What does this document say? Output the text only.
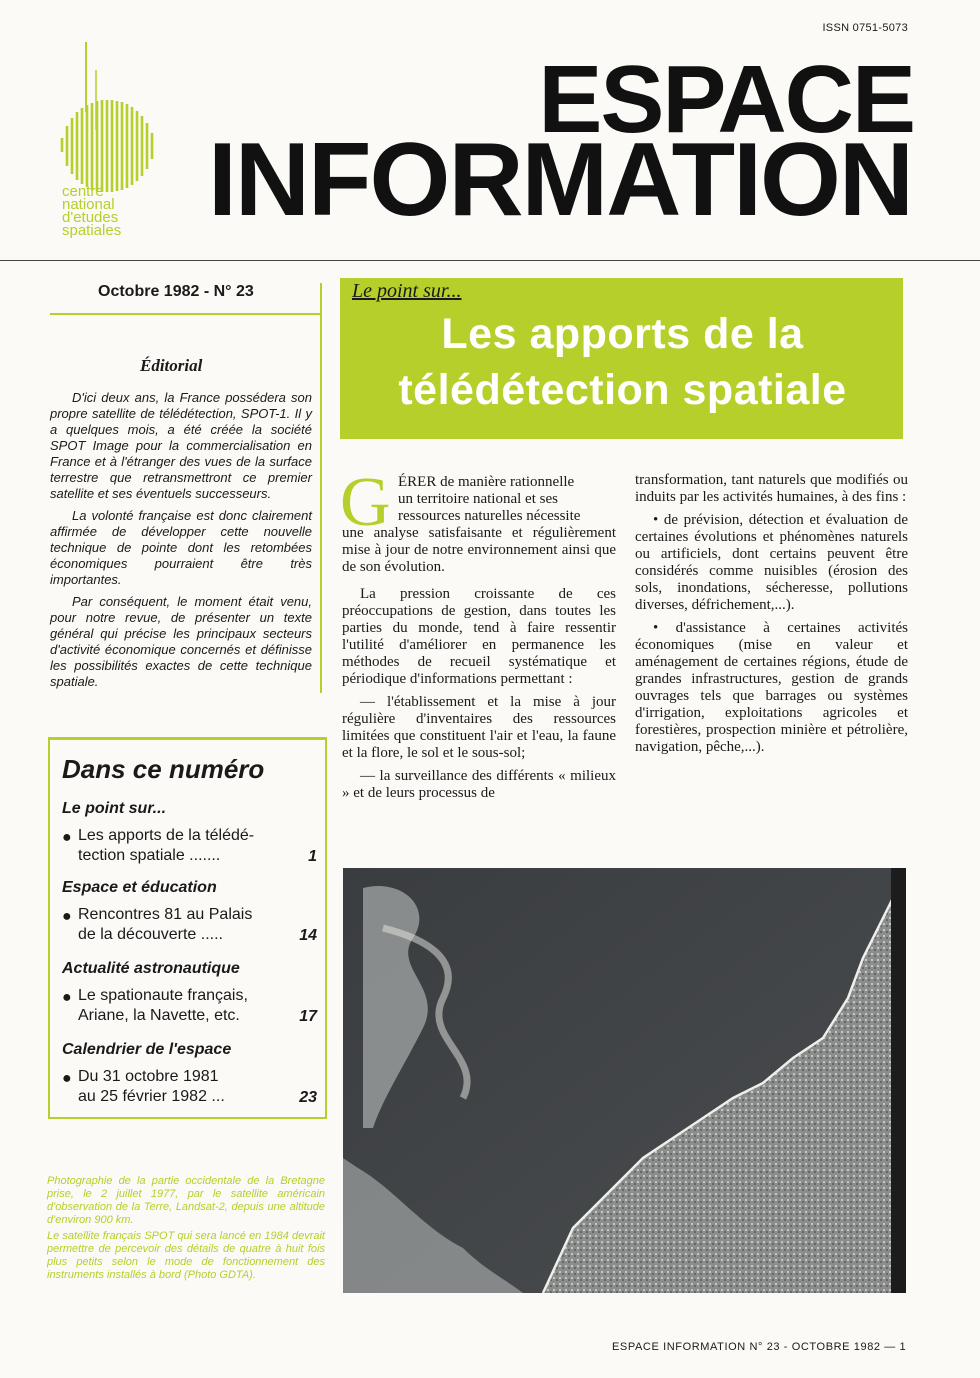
ISSN 0751-5073
centre
national
d'etudes
spatiales
ESPACE
INFORMATION
Octobre 1982 - N° 23
Éditorial

D'ici deux ans, la France possédera son propre satellite de télédétection, SPOT-1. Il y a quelques mois, a été créée la société SPOT Image pour la commercialisation en France et à l'étranger des vues de la surface terrestre que retransmettront ce premier satellite et ses éventuels successeurs.

La volonté française est donc clairement affirmée de développer cette nouvelle technique de pointe dont les retombées économiques pourraient être très importantes.

Par conséquent, le moment était venu, pour notre revue, de présenter un texte général qui précise les principaux secteurs d'activité économique concernés et définisse les possibilités exactes de cette technique spatiale.

Dans ce numéro
Le point sur...
● Les apports de la télédé-
tection spatiale .......	1
Espace et éducation
● Rencontres 81 au Palais
de la découverte .....	14
Actualité astronautique
● Le spationaute français,
Ariane, la Navette, etc.	17
Calendrier de l'espace
● Du 31 octobre 1981
au 25 février 1982 ...	23

Photographie de la partie occidentale de la Bretagne prise, le 2 juillet 1977, par le satellite américain d'observation de la Terre, Landsat-2, depuis une altitude d'environ 900 km.

Le satellite français SPOT qui sera lancé en 1984 devrait permettre de percevoir des détails de quatre à huit fois plus petits selon le mode de fonctionnement des instruments installés à bord (Photo GDTA).

Le point sur...
Les apports de la
télédétection spatiale
G ÉRER de manière rationnelle
un territoire national et ses
ressources naturelles nécessite
une analyse satisfaisante et régulièrement mise à jour de notre environnement ainsi que de son évolution.

La pression croissante de ces préoccupations de gestion, dans toutes les parties du monde, tend à faire ressentir l'utilité d'améliorer en permanence les méthodes de recueil systématique et périodique d'informations permettant :

— l'établissement et la mise à jour régulière d'inventaires des ressources limitées que constituent l'air et l'eau, la faune et la flore, le sol et le sous-sol;

— la surveillance des différents « milieux » et de leurs processus de

transformation, tant naturels que modifiés ou induits par les activités humaines, à des fins :

• de prévision, détection et évaluation de certaines évolutions et phénomènes naturels ou artificiels, dont certains peuvent être considérés comme nuisibles (érosion des sols, inondations, sécheresse, pollutions diverses, défrichement,...).

• d'assistance à certaines activités économiques (mise en valeur et aménagement de certaines régions, étude de grandes infrastructures, gestion de grands ouvrages tels que barrages ou systèmes d'irrigation, exploitations agricoles et forestières, prospection minière et pétrolière, navigation, pêche,...).

ESPACE INFORMATION N° 23 - OCTOBRE 1982 — 1
